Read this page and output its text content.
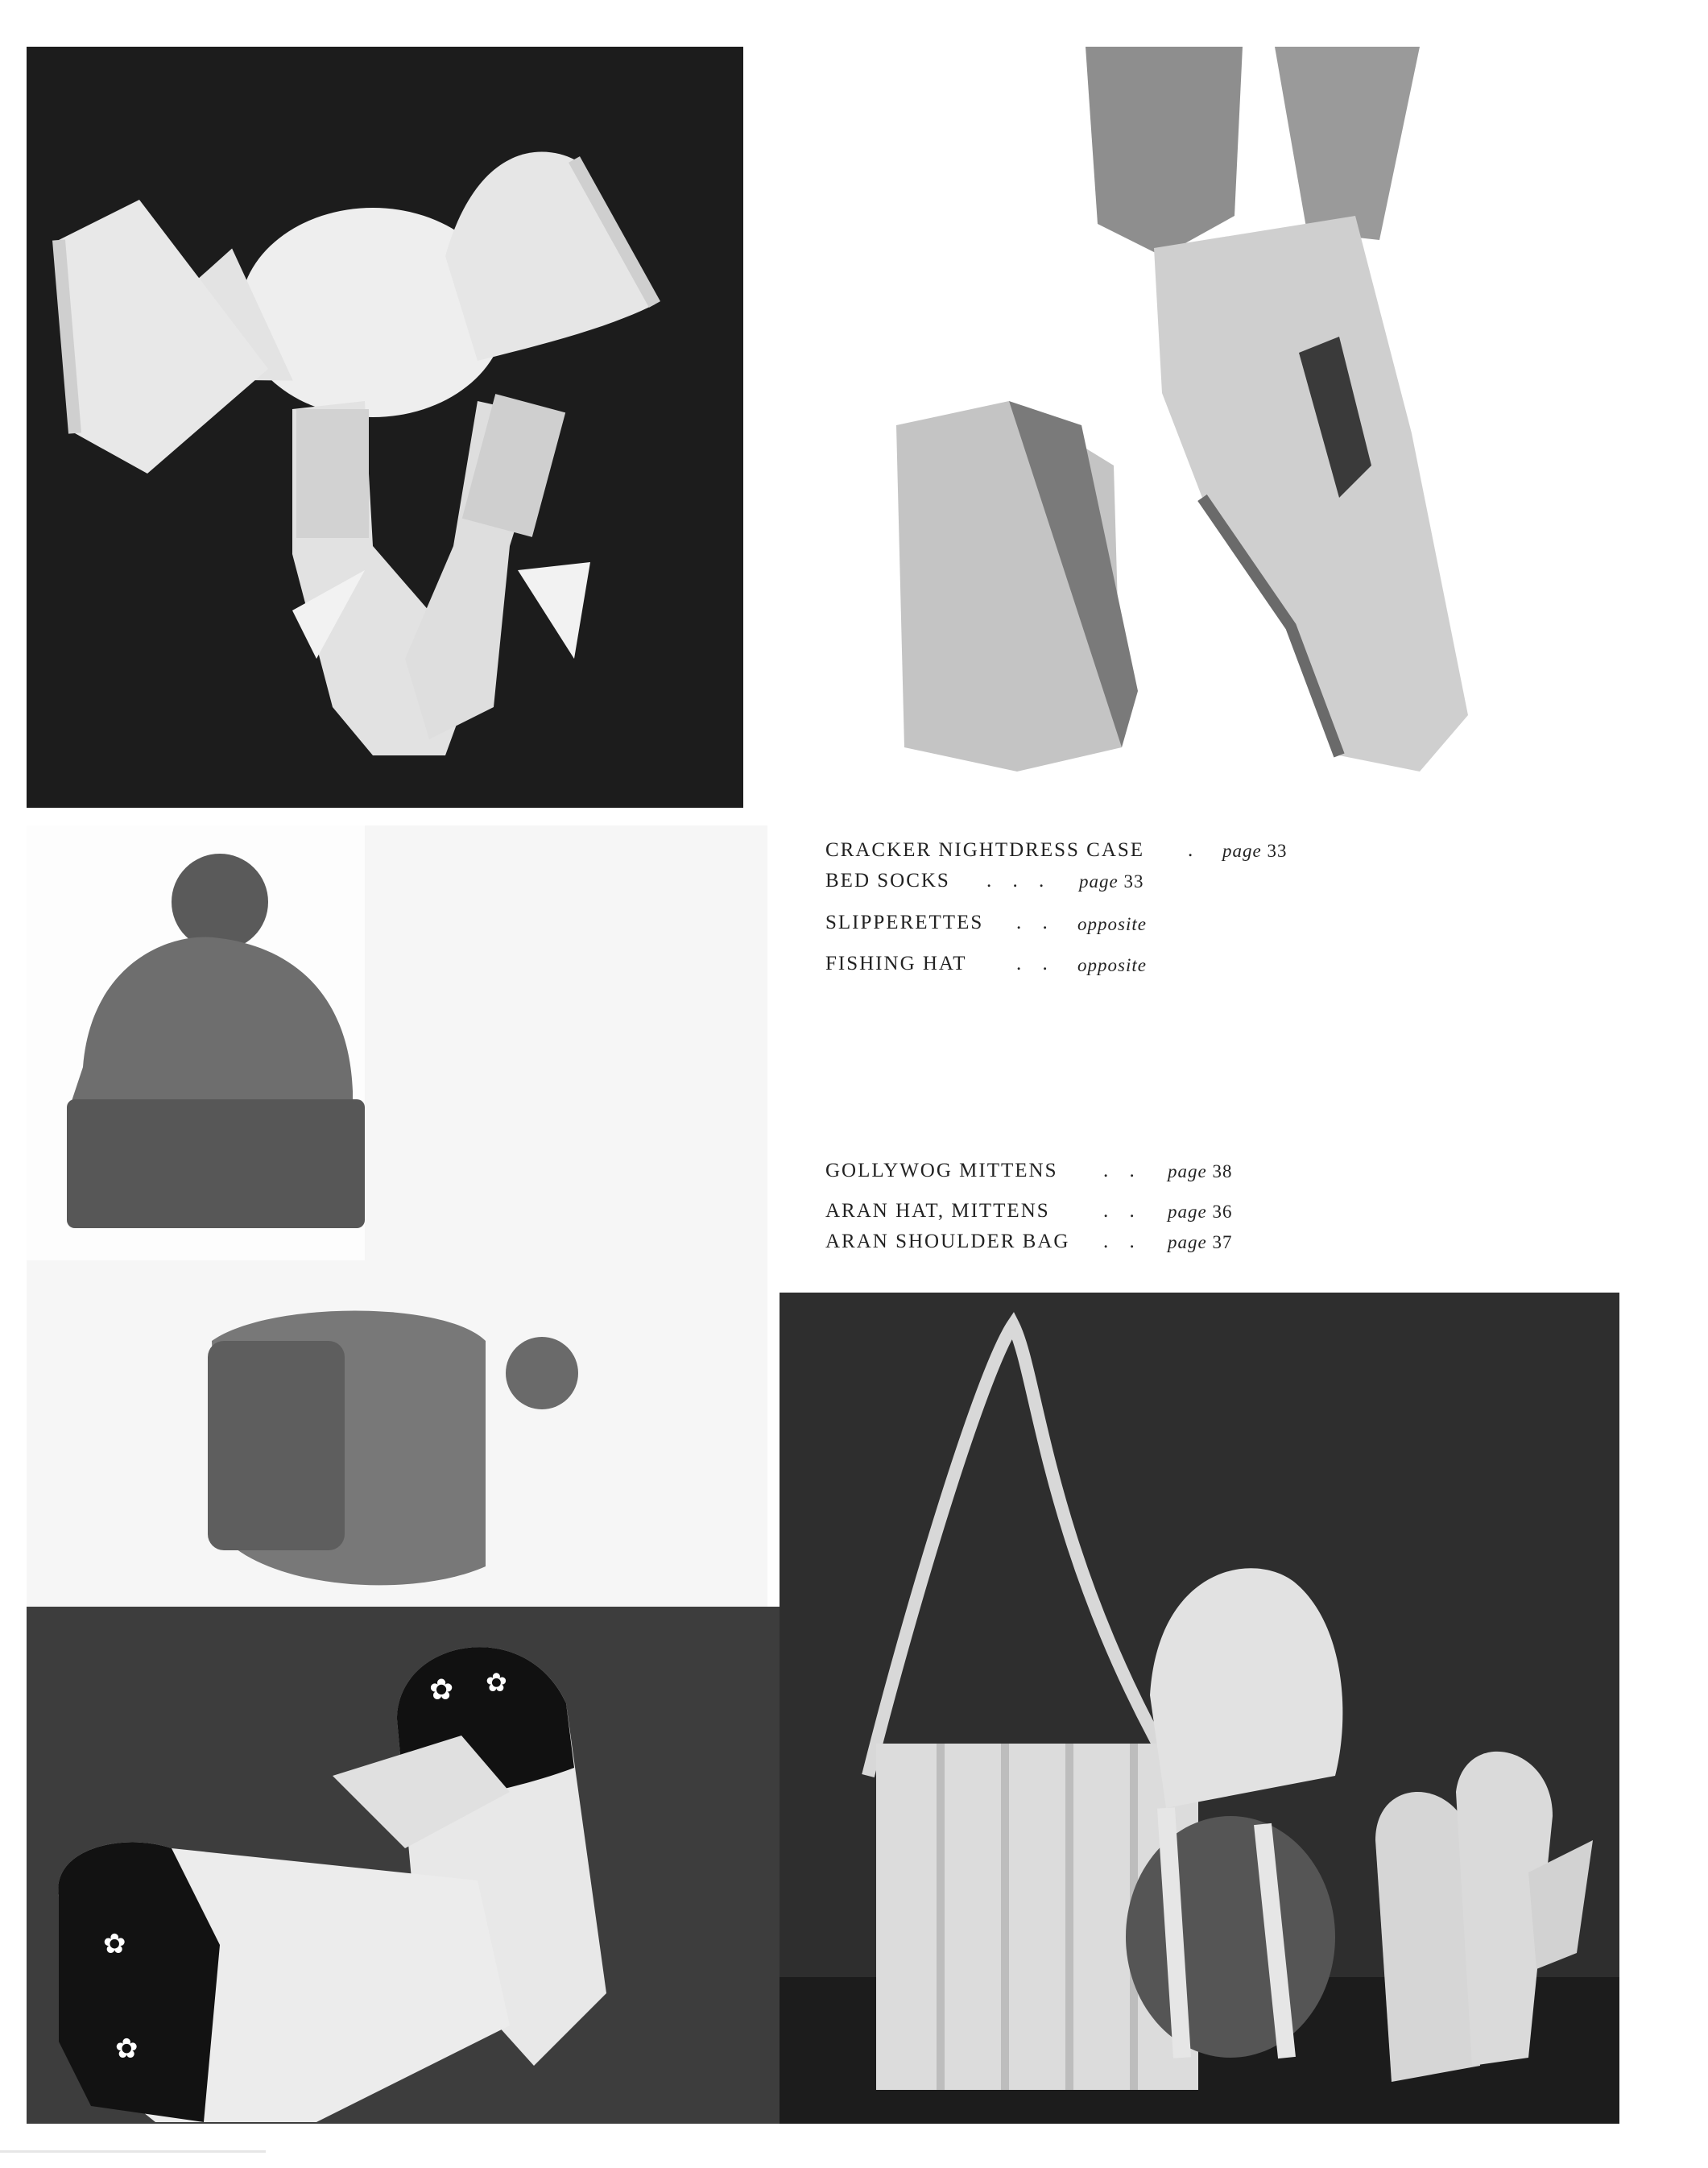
✿ ✿
✿
✿
CRACKER NIGHTDRESS CASE . page 33
BED SOCKS . . . page 33
SLIPPERETTES . . opposite
FISHING HAT . . opposite
GOLLYWOG MITTENS . . page 38
ARAN HAT, MITTENS	. . page 36
ARAN SHOULDER BAG . . page 37
